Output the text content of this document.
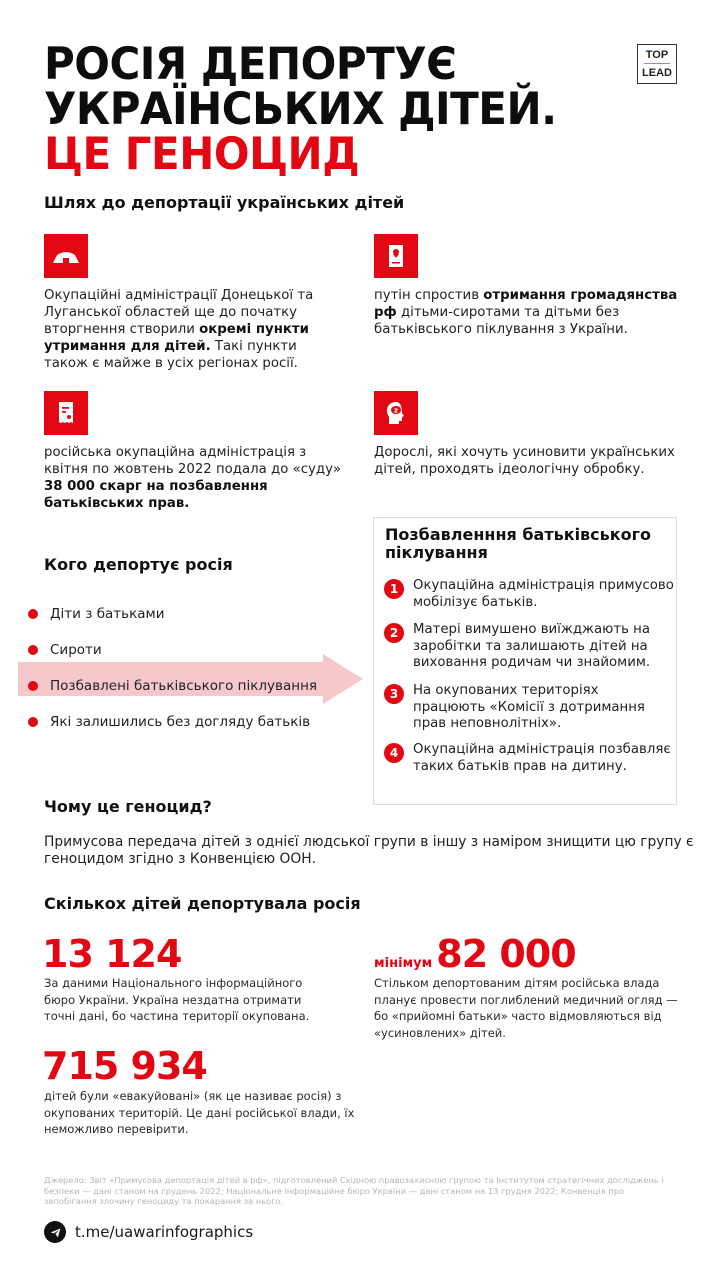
РОСІЯ ДЕПОРТУЄ
УКРАЇНСЬКИХ ДІТЕЙ.
ЦЕ ГЕНОЦИД
TOP
LEAD
Шлях до депортації українських дітей
Окупаційні адміністрації Донецької та Луганської областей ще до початку вторгнення створили окремі пункти утримання для дітей. Такі пункти також є майже в усіх регіонах росії.
путін спростив отримання громадянства рф дітьми-сиротами та дітьми без батьківського піклування з України.
російська окупаційна адміністрація з квітня по жовтень 2022 подала до «суду» 38 000 скарг на позбавлення батьківських прав.
z
Дорослі, які хочуть усиновити українських дітей, проходять ідеологічну обробку.
Кого депортує росія
Діти з батьками
Сироти
Позбавлені батьківського піклування
Які залишились без догляду батьків
Позбавленння батьківського піклування
1	Окупаційна адміністрація примусово мобілізує батьків.
2	Матері вимушено виїжджають на заробітки та залишають дітей на виховання родичам чи знайомим.
3	На окупованих територіях працюють «Комісії з дотримання прав неповнолітніх».
4	Окупаційна адміністрація позбавляє таких батьків прав на дитину.
Чому це геноцид?
Примусова передача дітей з однієї людської групи в іншу з наміром знищити цю групу є геноцидом згідно з Конвенцією ООН.
Скількох дітей депортувала росія
13 124
За даними Національного інформаційного бюро України. Україна нездатна отримати точні дані, бо частина території окупована.
мінімум 82 000
Стільком депортованим дітям російська влада планує провести поглиблений медичний огляд — бо «прийомні батьки» часто відмовляються від «усиновлених» дітей.
715 934
дітей були «евакуйовані» (як це називає росія) з окупованих територій. Це дані російської влади, їх неможливо перевірити.
Джерело: Звіт «Примусова депортація дітей в рф», підготовлений Східною правозахисною групою та Інститутом стратегічних досліджень і безпеки — дані станом на грудень 2022; Національне інформаційне бюро України — дані станом на 13 грудня 2022; Конвенція про запобігання злочину геноциду та покарання за нього.
t.me/uawarinfographics
